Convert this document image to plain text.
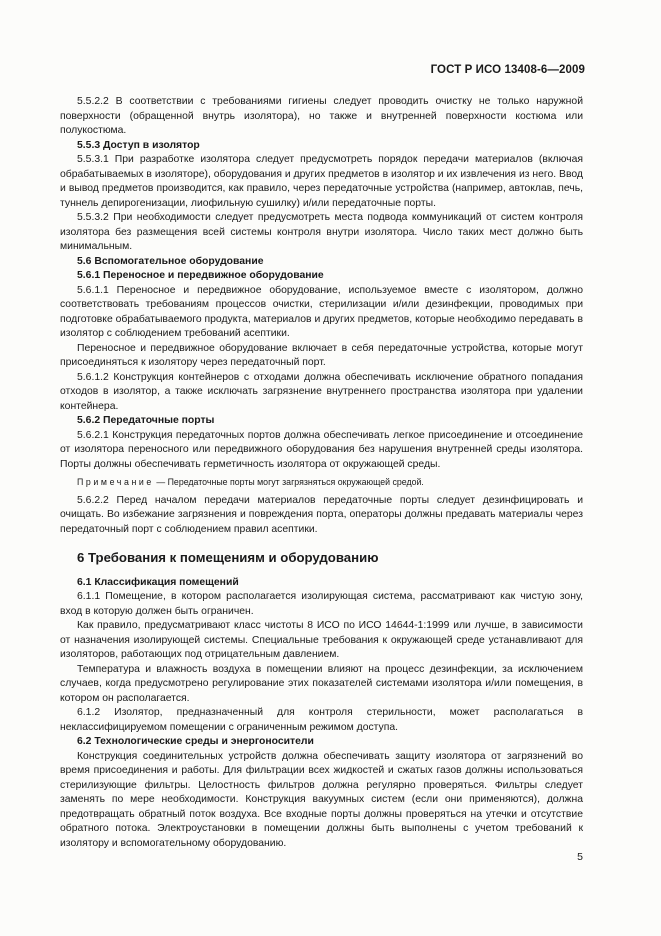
ГОСТ Р ИСО 13408-6—2009

5.5.2.2 В соответствии с требованиями гигиены следует проводить очистку не только наружной поверхности (обращенной внутрь изолятора), но также и внутренней поверхности костюма или полукостюма.

5.5.3 Доступ в изолятор

5.5.3.1 При разработке изолятора следует предусмотреть порядок передачи материалов (включая обрабатываемых в изоляторе), оборудования и других предметов в изолятор и их извлечения из него. Ввод и вывод предметов производится, как правило, через передаточные устройства (например, автоклав, печь, туннель депирогенизации, лиофильную сушилку) и/или передаточные порты.

5.5.3.2 При необходимости следует предусмотреть места подвода коммуникаций от систем контроля изолятора без размещения всей системы контроля внутри изолятора. Число таких мест должно быть минимальным.

5.6 Вспомогательное оборудование

5.6.1 Переносное и передвижное оборудование

5.6.1.1 Переносное и передвижное оборудование, используемое вместе с изолятором, должно соответствовать требованиям процессов очистки, стерилизации и/или дезинфекции, проводимых при подготовке обрабатываемого продукта, материалов и других предметов, которые необходимо передавать в изолятор с соблюдением требований асептики.

Переносное и передвижное оборудование включает в себя передаточные устройства, которые могут присоединяться к изолятору через передаточный порт.

5.6.1.2 Конструкция контейнеров с отходами должна обеспечивать исключение обратного попадания отходов в изолятор, а также исключать загрязнение внутреннего пространства изолятора при удалении контейнера.

5.6.2 Передаточные порты

5.6.2.1 Конструкция передаточных портов должна обеспечивать легкое присоединение и отсоединение от изолятора переносного или передвижного оборудования без нарушения внутренней среды изолятора. Порты должны обеспечивать герметичность изолятора от окружающей среды.

Примечание — Передаточные порты могут загрязняться окружающей средой.

5.6.2.2 Перед началом передачи материалов передаточные порты следует дезинфицировать и очищать. Во избежание загрязнения и повреждения порта, операторы должны предавать материалы через передаточный порт с соблюдением правил асептики.

6 Требования к помещениям и оборудованию

6.1 Классификация помещений

6.1.1 Помещение, в котором располагается изолирующая система, рассматривают как чистую зону, вход в которую должен быть ограничен.

Как правило, предусматривают класс чистоты 8 ИСО по ИСО 14644-1:1999 или лучше, в зависимости от назначения изолирующей системы. Специальные требования к окружающей среде устанавливают для изоляторов, работающих под отрицательным давлением.

Температура и влажность воздуха в помещении влияют на процесс дезинфекции, за исключением случаев, когда предусмотрено регулирование этих показателей системами изолятора и/или помещения, в котором он располагается.

6.1.2 Изолятор, предназначенный для контроля стерильности, может располагаться в неклассифицируемом помещении с ограниченным режимом доступа.

6.2 Технологические среды и энергоносители

Конструкция соединительных устройств должна обеспечивать защиту изолятора от загрязнений во время присоединения и работы. Для фильтрации всех жидкостей и сжатых газов должны использоваться стерилизующие фильтры. Целостность фильтров должна регулярно проверяться. Фильтры следует заменять по мере необходимости. Конструкция вакуумных систем (если они применяются), должна предотвращать обратный поток воздуха. Все входные порты должны проверяться на утечки и отсутствие обратного потока. Электроустановки в помещении должны быть выполнены с учетом требований к изолятору и вспомогательному оборудованию.

5
